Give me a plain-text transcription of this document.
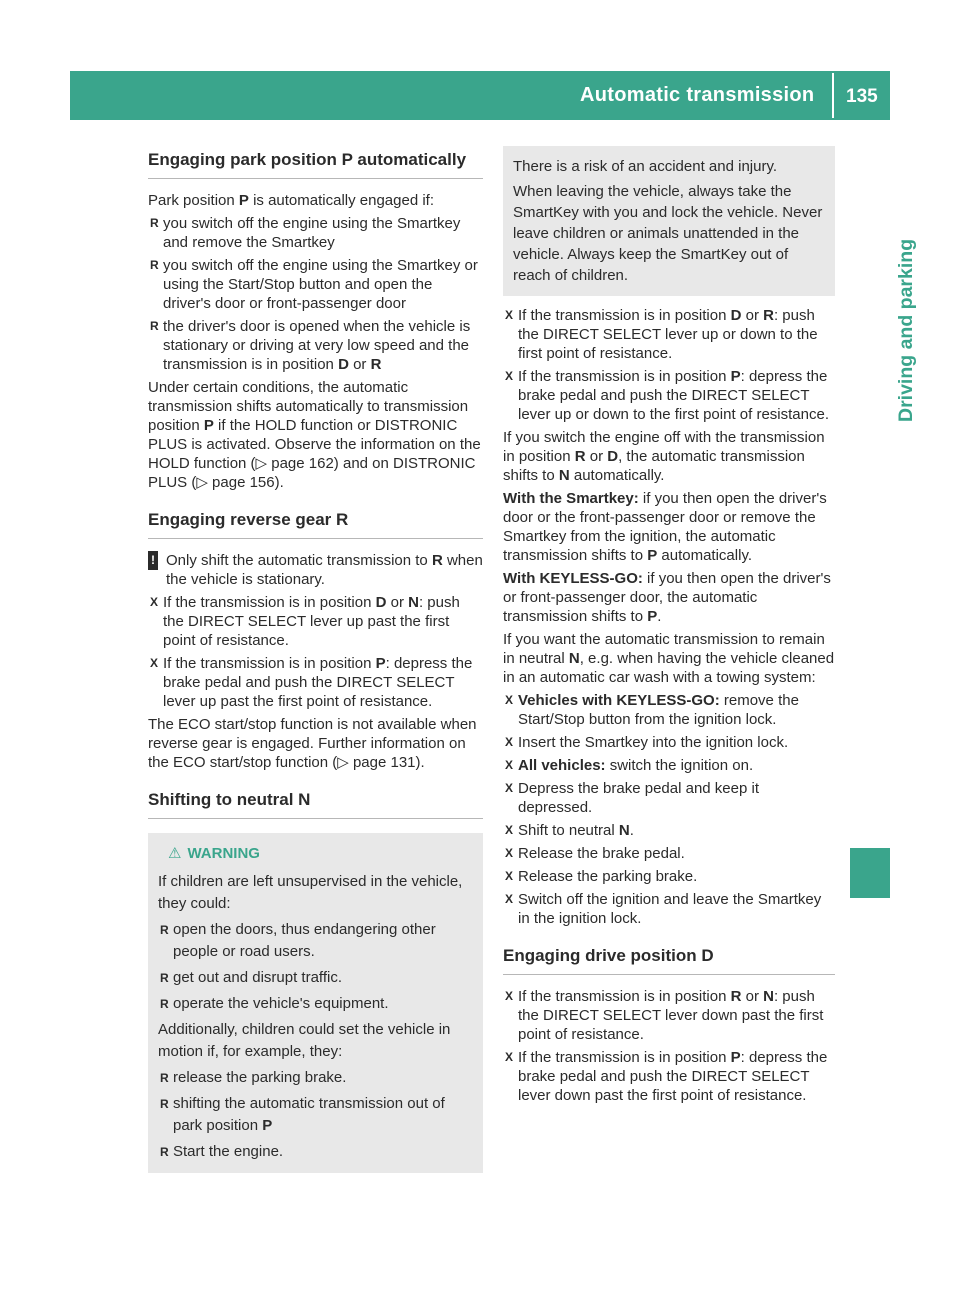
Automatic transmission 135
Driving and parking
Engaging park position P automatically

Park position P is automatically engaged if:

R you switch off the engine using the Smartkey and remove the Smartkey

R you switch off the engine using the Smartkey or using the Start/Stop button and open the driver's door or front-passenger door

R the driver's door is opened when the vehicle is stationary or driving at very low speed and the transmission is in position D or R

Under certain conditions, the automatic transmission shifts automatically to transmission position P if the HOLD function or DISTRONIC PLUS is activated. Observe the information on the HOLD function (▷ page 162) and on DISTRONIC PLUS (▷ page 156).

Engaging reverse gear R

! Only shift the automatic transmission to R when the vehicle is stationary.

X If the transmission is in position D or N: push the DIRECT SELECT lever up past the first point of resistance.

X If the transmission is in position P: depress the brake pedal and push the DIRECT SELECT lever up past the first point of resistance.

The ECO start/stop function is not available when reverse gear is engaged. Further information on the ECO start/stop function (▷ page 131).

Shifting to neutral N
⚠ WARNING

If children are left unsupervised in the vehicle, they could:

R open the doors, thus endangering other people or road users.

R get out and disrupt traffic.

R operate the vehicle's equipment.

Additionally, children could set the vehicle in motion if, for example, they:

R release the parking brake.

R shifting the automatic transmission out of park position P

R Start the engine.

There is a risk of an accident and injury.

When leaving the vehicle, always take the SmartKey with you and lock the vehicle. Never leave children or animals unattended in the vehicle. Always keep the SmartKey out of reach of children.

X If the transmission is in position D or R: push the DIRECT SELECT lever up or down to the first point of resistance.

X If the transmission is in position P: depress the brake pedal and push the DIRECT SELECT lever up or down to the first point of resistance.

If you switch the engine off with the transmission in position R or D, the automatic transmission shifts to N automatically.

With the Smartkey: if you then open the driver's door or the front-passenger door or remove the Smartkey from the ignition, the automatic transmission shifts to P automatically.

With KEYLESS-GO: if you then open the driver's or front-passenger door, the automatic transmission shifts to P.

If you want the automatic transmission to remain in neutral N, e.g. when having the vehicle cleaned in an automatic car wash with a towing system:

X Vehicles with KEYLESS-GO: remove the Start/Stop button from the ignition lock.

X Insert the Smartkey into the ignition lock.

X All vehicles: switch the ignition on.

X Depress the brake pedal and keep it depressed.

X Shift to neutral N.

X Release the brake pedal.

X Release the parking brake.

X Switch off the ignition and leave the Smartkey in the ignition lock.

Engaging drive position D

X If the transmission is in position R or N: push the DIRECT SELECT lever down past the first point of resistance.

X If the transmission is in position P: depress the brake pedal and push the DIRECT SELECT lever down past the first point of resistance.
